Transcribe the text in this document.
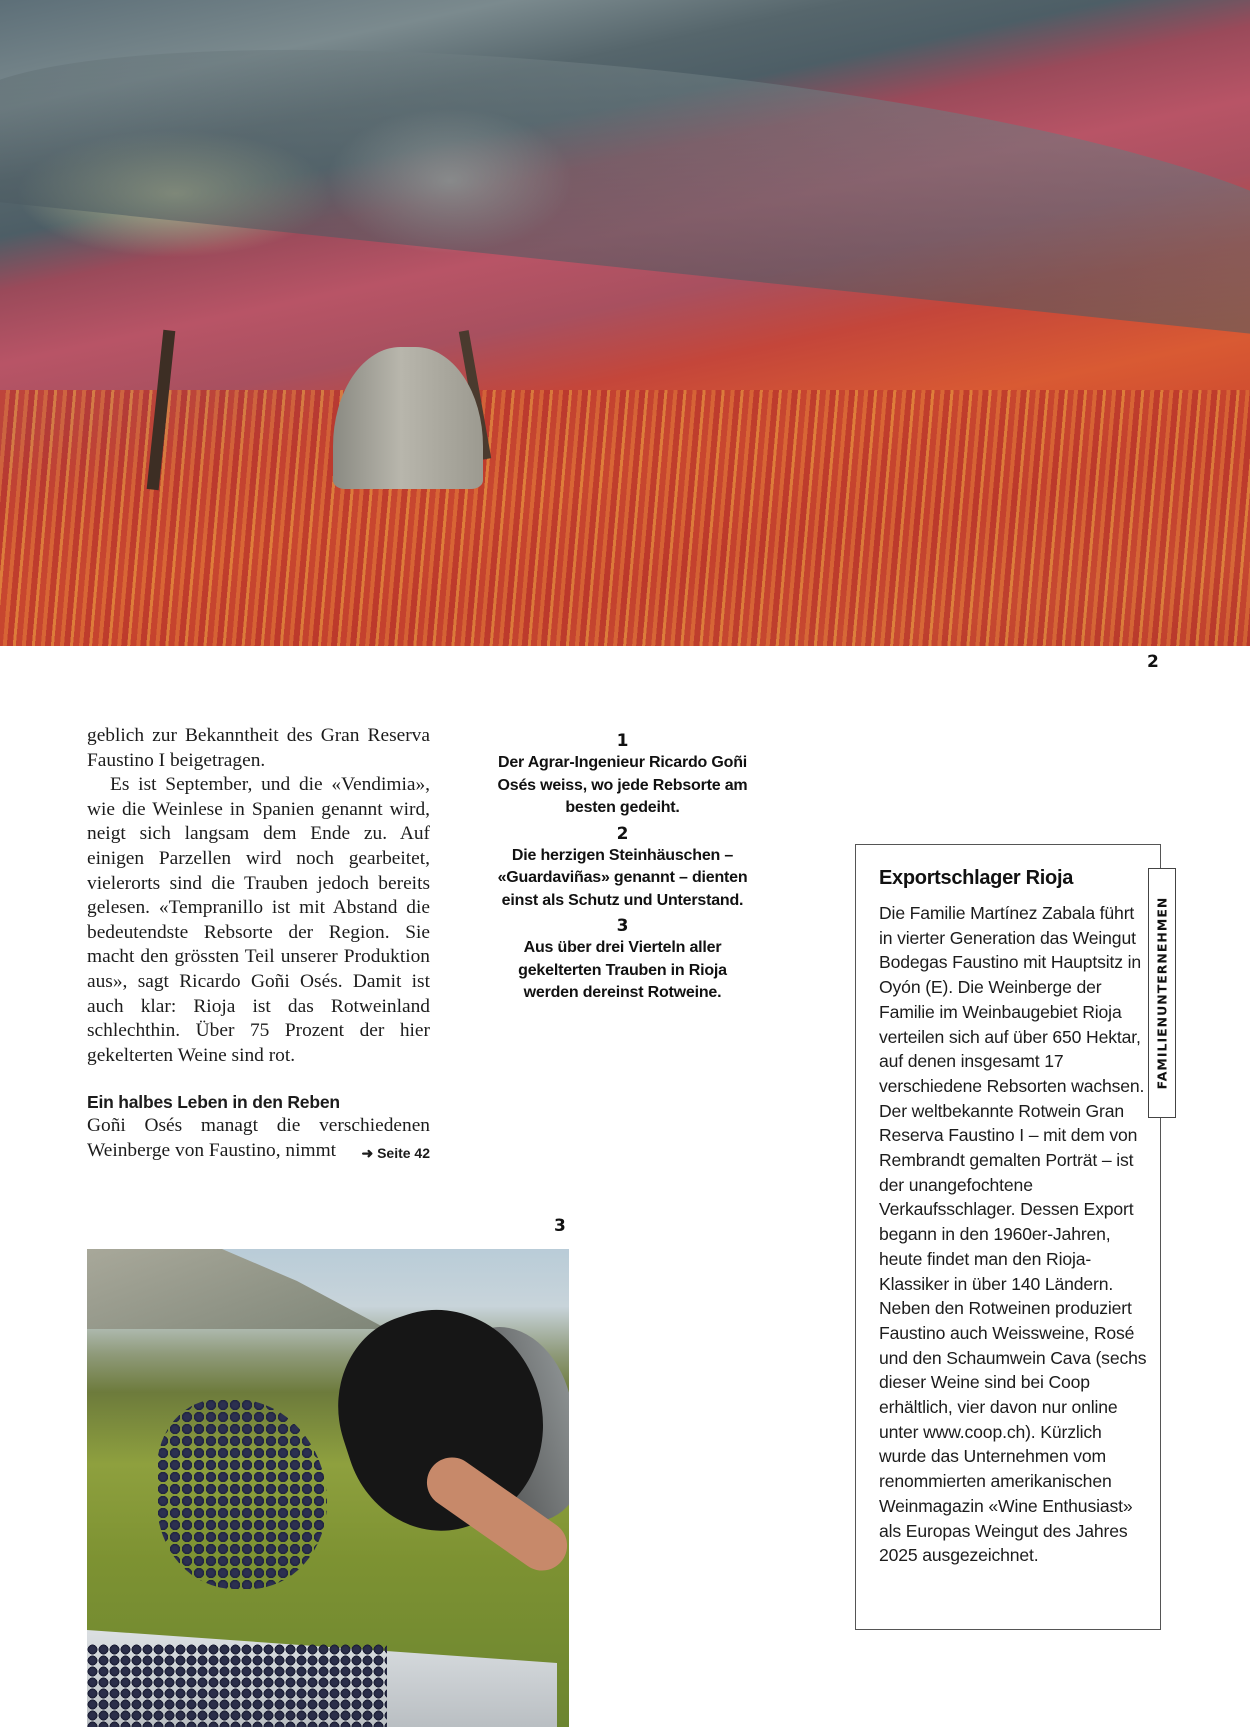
2

geblich zur Bekanntheit des Gran Reserva Faustino I beigetragen.

Es ist September, und die «Vendimia», wie die Weinlese in Spanien genannt wird, neigt sich langsam dem Ende zu. Auf einigen Parzellen wird noch gearbeitet, vielerorts sind die Trauben jedoch bereits gelesen. «Tempranillo ist mit Abstand die bedeutendste Rebsorte der Region. Sie macht den grössten Teil unserer Produktion aus», sagt Ricardo Goñi Osés. Damit ist auch klar: Rioja ist das Rotweinland schlechthin. Über 75 Prozent der hier gekelterten Weine sind rot.

Ein halbes Leben in den Reben

Goñi Osés managt die verschiedenen Weinberge von Faustino, nimmt ➜ Seite 42

1
Der Agrar-Ingenieur Ricardo Goñi Osés weiss, wo jede Rebsorte am besten gedeiht.
2
Die herzigen Steinhäuschen – «Guardaviñas» genannt – dienten einst als Schutz und Unterstand.
3
Aus über drei Vierteln aller gekelterten Trauben in Rioja werden dereinst Rotweine.
Exportschlager Rioja
Die Familie Martínez Zabala führt in vierter Generation das Weingut Bodegas Faustino mit Hauptsitz in Oyón (E). Die Weinberge der Familie im Weinbaugebiet Rioja verteilen sich auf über 650 Hektar, auf denen insgesamt 17 verschiedene Rebsorten wachsen. Der weltbekannte Rotwein Gran Reserva Faustino I – mit dem von Rembrandt gemalten Porträt – ist der unangefochtene Verkaufsschlager. Dessen Export begann in den 1960er-Jahren, heute findet man den Rioja-Klassiker in über 140 Ländern. Neben den Rotweinen produziert Faustino auch Weissweine, Rosé und den Schaumwein Cava (sechs dieser Weine sind bei Coop erhältlich, vier davon nur online unter www.coop.ch). Kürzlich wurde das Unternehmen vom renommierten amerikanischen Weinmagazin «Wine Enthusiast» als Europas Weingut des Jahres 2025 ausgezeichnet.
FAMILIENUNTERNEHMEN
3
